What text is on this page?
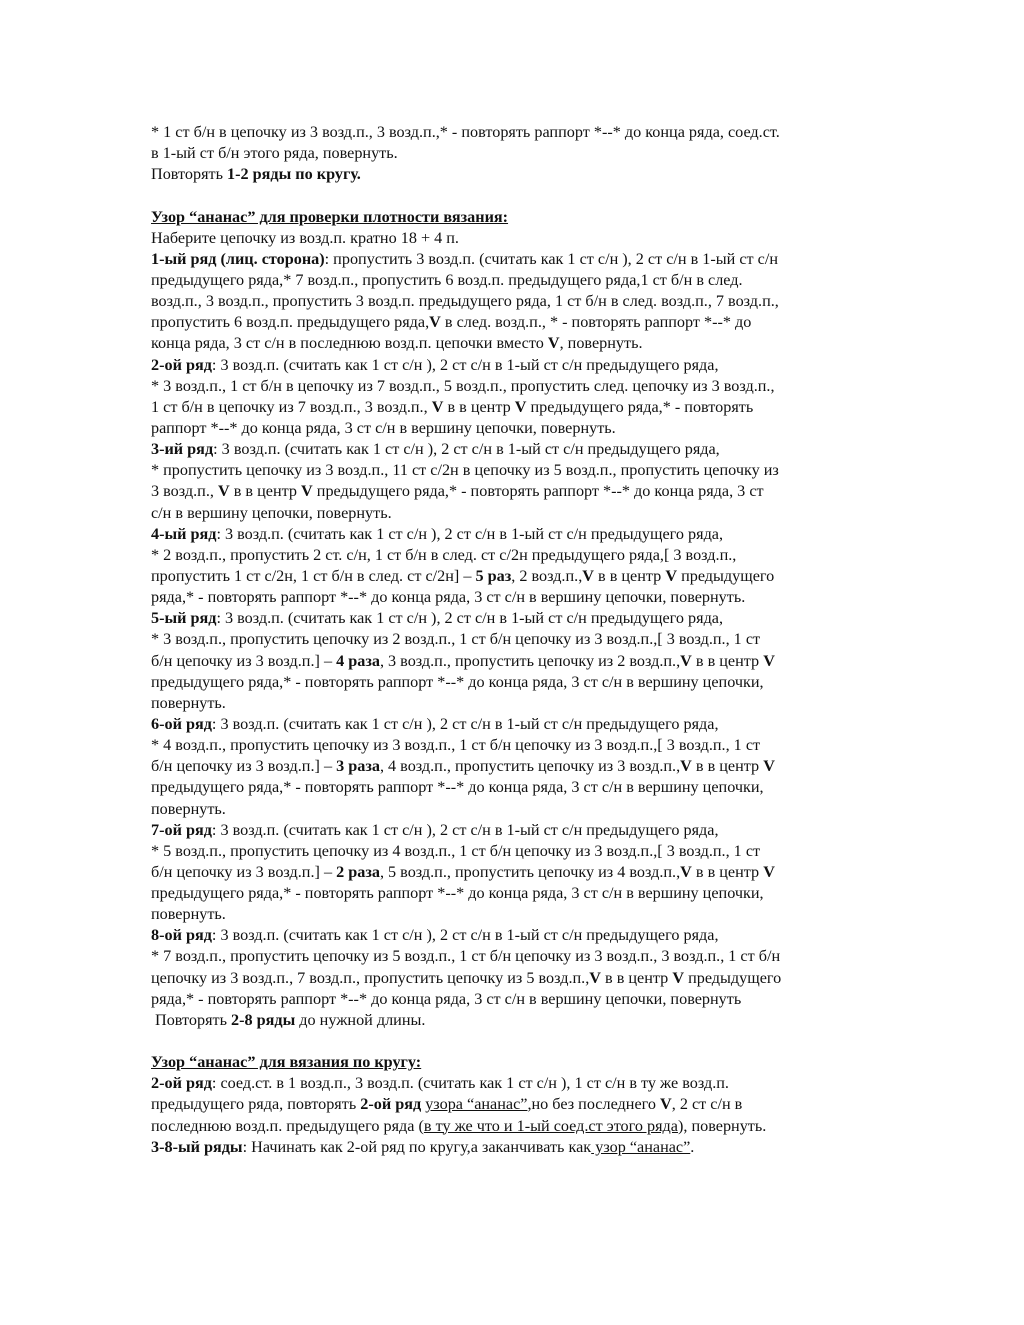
* 1 ст б/н в цепочку из 3 возд.п., 3 возд.п.,* - повторять раппорт *--* до конца ряда, соед.ст.
в 1-ый ст б/н этого ряда, повернуть.
Повторять 1-2 ряды по кругу.
Узор “ананас” для проверки плотности вязания:
Наберите цепочку из возд.п. кратно 18 + 4 п.
1-ый ряд (лиц. сторона): пропустить 3 возд.п. (считать как 1 ст с/н ), 2 ст с/н в 1-ый ст с/н
предыдущего ряда,* 7 возд.п., пропустить 6 возд.п. предыдущего ряда,1 ст б/н в след.
возд.п., 3 возд.п., пропустить 3 возд.п. предыдущего ряда, 1 ст б/н в след. возд.п., 7 возд.п.,
пропустить 6 возд.п. предыдущего ряда,V в след. возд.п., * - повторять раппорт *--* до
конца ряда, 3 ст с/н в последнюю возд.п. цепочки вместо V, повернуть.
2-ой ряд: 3 возд.п. (считать как 1 ст с/н ), 2 ст с/н в 1-ый ст с/н предыдущего ряда,
* 3 возд.п., 1 ст б/н в цепочку из 7 возд.п., 5 возд.п., пропустить след. цепочку из 3 возд.п.,
1 ст б/н в цепочку из 7 возд.п., 3 возд.п., V в в центр V предыдущего ряда,* - повторять
раппорт *--* до конца ряда, 3 ст с/н в вершину цепочки, повернуть.
3-ий ряд: 3 возд.п. (считать как 1 ст с/н ), 2 ст с/н в 1-ый ст с/н предыдущего ряда,
* пропустить цепочку из 3 возд.п., 11 ст с/2н в цепочку из 5 возд.п., пропустить цепочку из
3 возд.п., V в в центр V предыдущего ряда,* - повторять раппорт *--* до конца ряда, 3 ст
с/н в вершину цепочки, повернуть.
4-ый ряд: 3 возд.п. (считать как 1 ст с/н ), 2 ст с/н в 1-ый ст с/н предыдущего ряда,
* 2 возд.п., пропустить 2 ст. с/н, 1 ст б/н в след. ст с/2н предыдущего ряда,[ 3 возд.п.,
пропустить 1 ст с/2н, 1 ст б/н в след. ст с/2н] – 5 раз, 2 возд.п.,V в в центр V предыдущего
ряда,* - повторять раппорт *--* до конца ряда, 3 ст с/н в вершину цепочки, повернуть.
5-ый ряд: 3 возд.п. (считать как 1 ст с/н ), 2 ст с/н в 1-ый ст с/н предыдущего ряда,
* 3 возд.п., пропустить цепочку из 2 возд.п., 1 ст б/н цепочку из 3 возд.п.,[ 3 возд.п., 1 ст
б/н цепочку из 3 возд.п.] – 4 раза, 3 возд.п., пропустить цепочку из 2 возд.п.,V в в центр V
предыдущего ряда,* - повторять раппорт *--* до конца ряда, 3 ст с/н в вершину цепочки,
повернуть.
6-ой ряд: 3 возд.п. (считать как 1 ст с/н ), 2 ст с/н в 1-ый ст с/н предыдущего ряда,
* 4 возд.п., пропустить цепочку из 3 возд.п., 1 ст б/н цепочку из 3 возд.п.,[ 3 возд.п., 1 ст
б/н цепочку из 3 возд.п.] – 3 раза, 4 возд.п., пропустить цепочку из 3 возд.п.,V в в центр V
предыдущего ряда,* - повторять раппорт *--* до конца ряда, 3 ст с/н в вершину цепочки,
повернуть.
7-ой ряд: 3 возд.п. (считать как 1 ст с/н ), 2 ст с/н в 1-ый ст с/н предыдущего ряда,
* 5 возд.п., пропустить цепочку из 4 возд.п., 1 ст б/н цепочку из 3 возд.п.,[ 3 возд.п., 1 ст
б/н цепочку из 3 возд.п.] – 2 раза, 5 возд.п., пропустить цепочку из 4 возд.п.,V в в центр V
предыдущего ряда,* - повторять раппорт *--* до конца ряда, 3 ст с/н в вершину цепочки,
повернуть.
8-ой ряд: 3 возд.п. (считать как 1 ст с/н ), 2 ст с/н в 1-ый ст с/н предыдущего ряда,
* 7 возд.п., пропустить цепочку из 5 возд.п., 1 ст б/н цепочку из 3 возд.п., 3 возд.п., 1 ст б/н
цепочку из 3 возд.п., 7 возд.п., пропустить цепочку из 5 возд.п.,V в в центр V предыдущего
ряда,* - повторять раппорт *--* до конца ряда, 3 ст с/н в вершину цепочки, повернуть
Повторять 2-8 ряды до нужной длины.
Узор “ананас” для вязания по кругу:
2-ой ряд: соед.ст. в 1 возд.п., 3 возд.п. (считать как 1 ст с/н ), 1 ст с/н в ту же возд.п.
предыдущего ряда, повторять 2-ой ряд узора “ананас”,но без последнего V, 2 ст с/н в
последнюю возд.п. предыдущего ряда (в ту же что и 1-ый соед.ст этого ряда), повернуть.
3-8-ый ряды: Начинать как 2-ой ряд по кругу,а заканчивать как узор “ананас”.
